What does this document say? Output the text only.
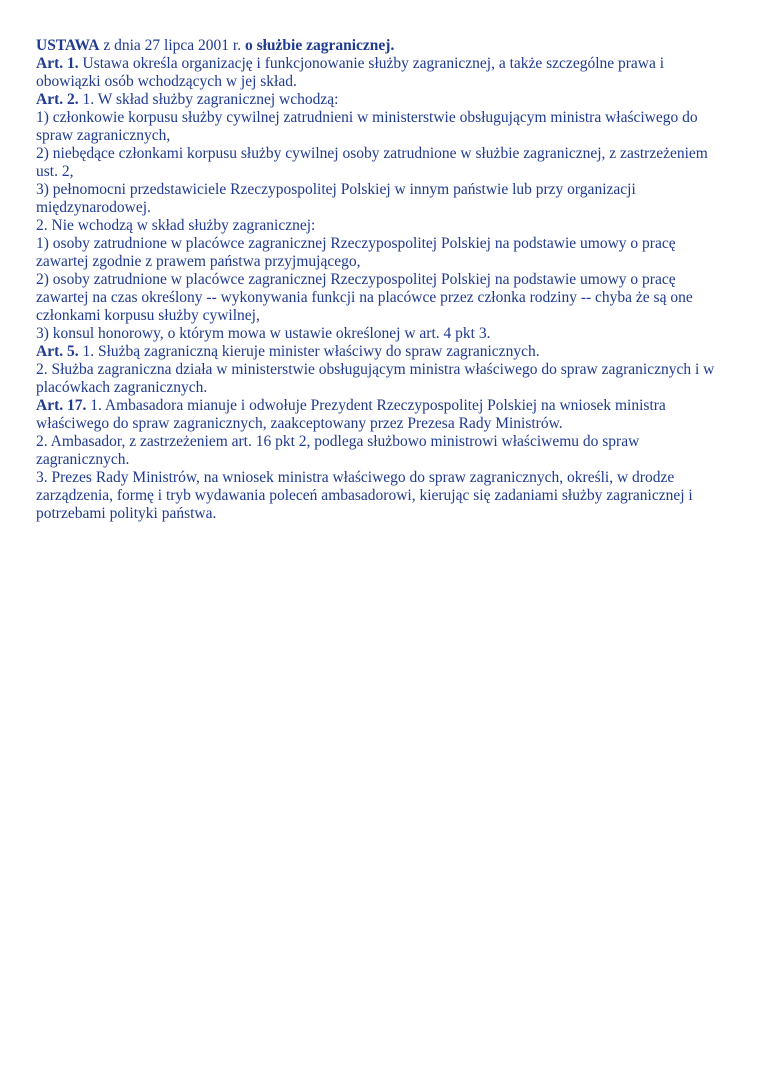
USTAWA z dnia 27 lipca 2001 r. o służbie zagranicznej.

Art. 1. Ustawa określa organizację i funkcjonowanie służby zagranicznej, a także szczególne prawa i obowiązki osób wchodzących w jej skład.

Art. 2. 1. W skład służby zagranicznej wchodzą:

1) członkowie korpusu służby cywilnej zatrudnieni w ministerstwie obsługującym ministra właściwego do spraw zagranicznych,

2) niebędące członkami korpusu służby cywilnej osoby zatrudnione w służbie zagranicznej, z zastrzeżeniem ust. 2,

3) pełnomocni przedstawiciele Rzeczypospolitej Polskiej w innym państwie lub przy organizacji międzynarodowej.

2. Nie wchodzą w skład służby zagranicznej:

1) osoby zatrudnione w placówce zagranicznej Rzeczypospolitej Polskiej na podstawie umowy o pracę zawartej zgodnie z prawem państwa przyjmującego,

2) osoby zatrudnione w placówce zagranicznej Rzeczypospolitej Polskiej na podstawie umowy o pracę zawartej na czas określony -- wykonywania funkcji na placówce przez członka rodziny -- chyba że są one członkami korpusu służby cywilnej,

3) konsul honorowy, o którym mowa w ustawie określonej w art. 4 pkt 3.

Art. 5. 1. Służbą zagraniczną kieruje minister właściwy do spraw zagranicznych.

2. Służba zagraniczna działa w ministerstwie obsługującym ministra właściwego do spraw zagranicznych i w placówkach zagranicznych.

Art. 17. 1. Ambasadora mianuje i odwołuje Prezydent Rzeczypospolitej Polskiej na wniosek ministra właściwego do spraw zagranicznych, zaakceptowany przez Prezesa Rady Ministrów.

2. Ambasador, z zastrzeżeniem art. 16 pkt 2, podlega służbowo ministrowi właściwemu do spraw zagranicznych.

3. Prezes Rady Ministrów, na wniosek ministra właściwego do spraw zagranicznych, określi, w drodze zarządzenia, formę i tryb wydawania poleceń ambasadorowi, kierując się zadaniami służby zagranicznej i potrzebami polityki państwa.
